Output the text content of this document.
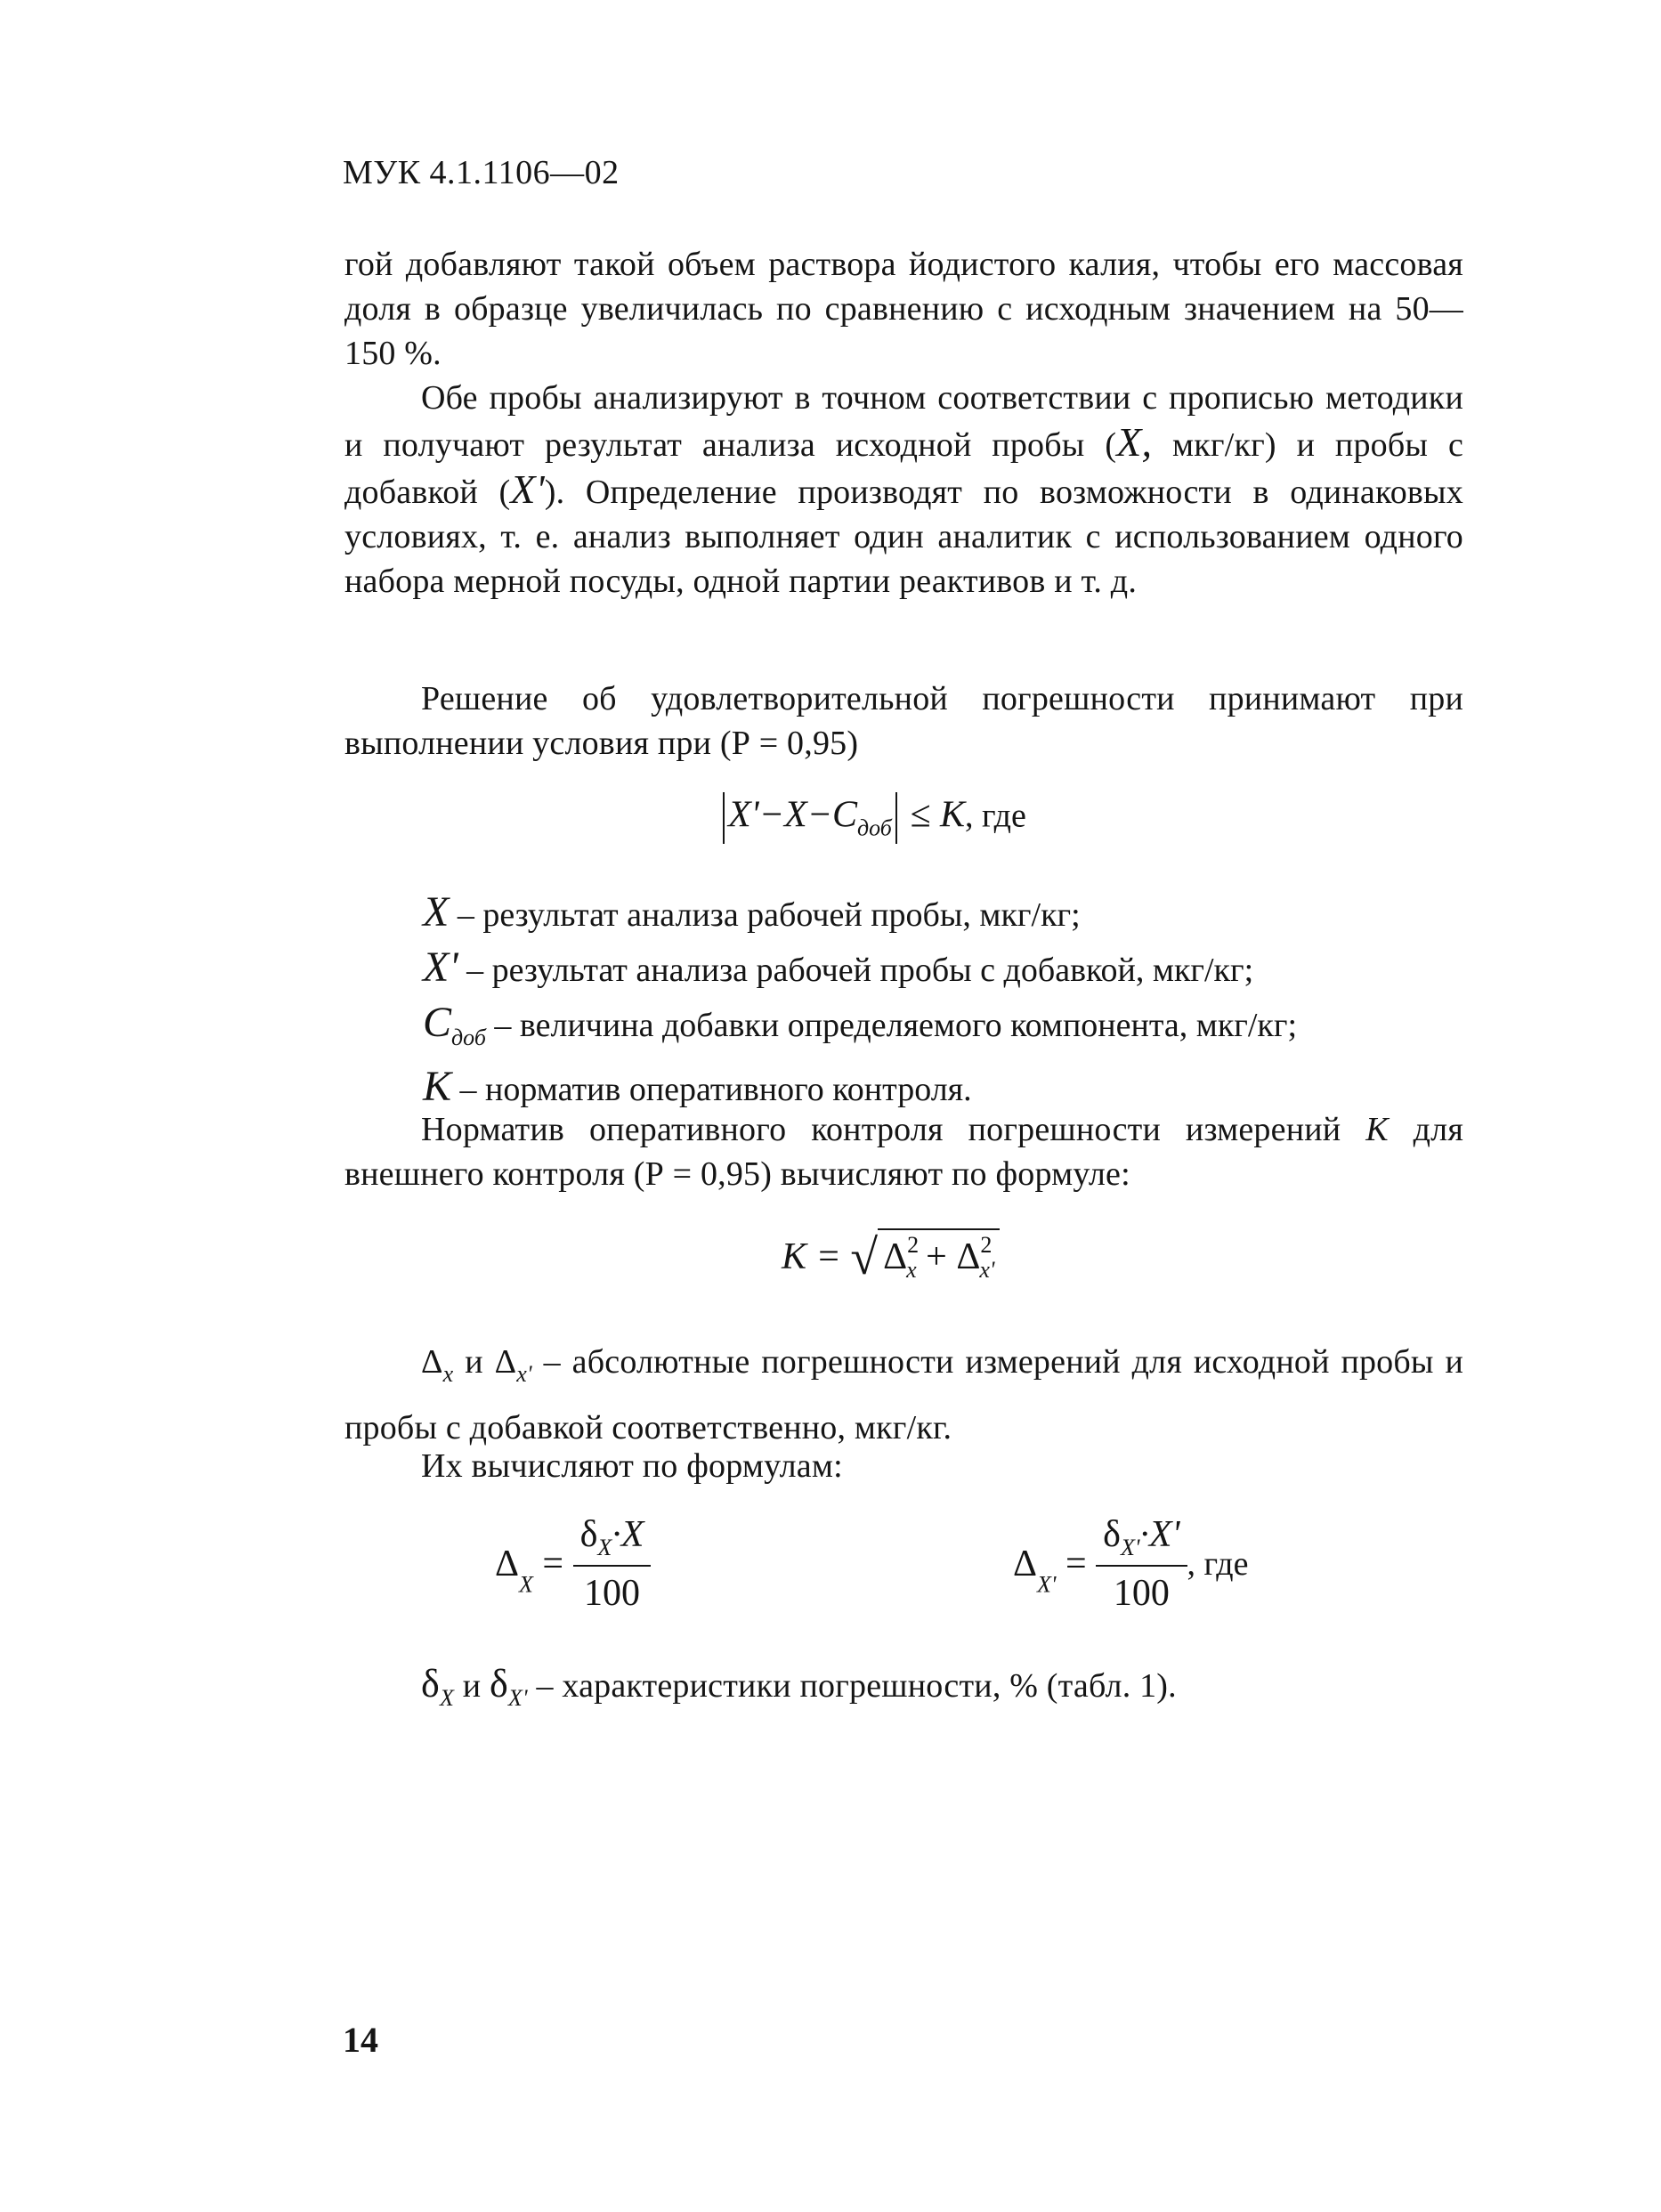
МУК 4.1.1106—02
гой добавляют такой объем раствора йодистого калия, чтобы его массовая доля в образце увеличилась по сравнению с исходным значением на 50—150 %.
Обе пробы анализируют в точном соответствии с прописью методики и получают результат анализа исходной пробы (X, мкг/кг) и пробы с добавкой (X'). Определение производят по возможности в одинаковых условиях, т. е. анализ выполняет один аналитик с использованием одного набора мерной посуды, одной партии реактивов и т. д.
Решение об удовлетворительной погрешности принимают при выполнении условия при (Р = 0,95)
$X'-X-C_{доб} \le K$, где
X – результат анализа рабочей пробы, мкг/кг;
X' – результат анализа рабочей пробы с добавкой, мкг/кг;
$C_{доб}$ – величина добавки определяемого компонента, мкг/кг;
K – норматив оперативного контроля.
Норматив оперативного контроля погрешности измерений К для внешнего контроля (Р = 0,95) вычисляют по формуле:
K = √ $\Delta^2_x + \Delta^2_{x'}$
$\Delta_x$ и $\Delta_{x'}$ – абсолютные погрешности измерений для исходной пробы и пробы с добавкой соответственно, мкг/кг.
Их вычисляют по формулам:
$\Delta_X = \frac{\delta_X\cdot X}{100}$	$\Delta_{X'} = \frac{\delta_{X'}\cdot X'}{100}$ , где
$\delta_X$ и $\delta_{X'}$ – характеристики погрешности, % (табл. 1).
14
